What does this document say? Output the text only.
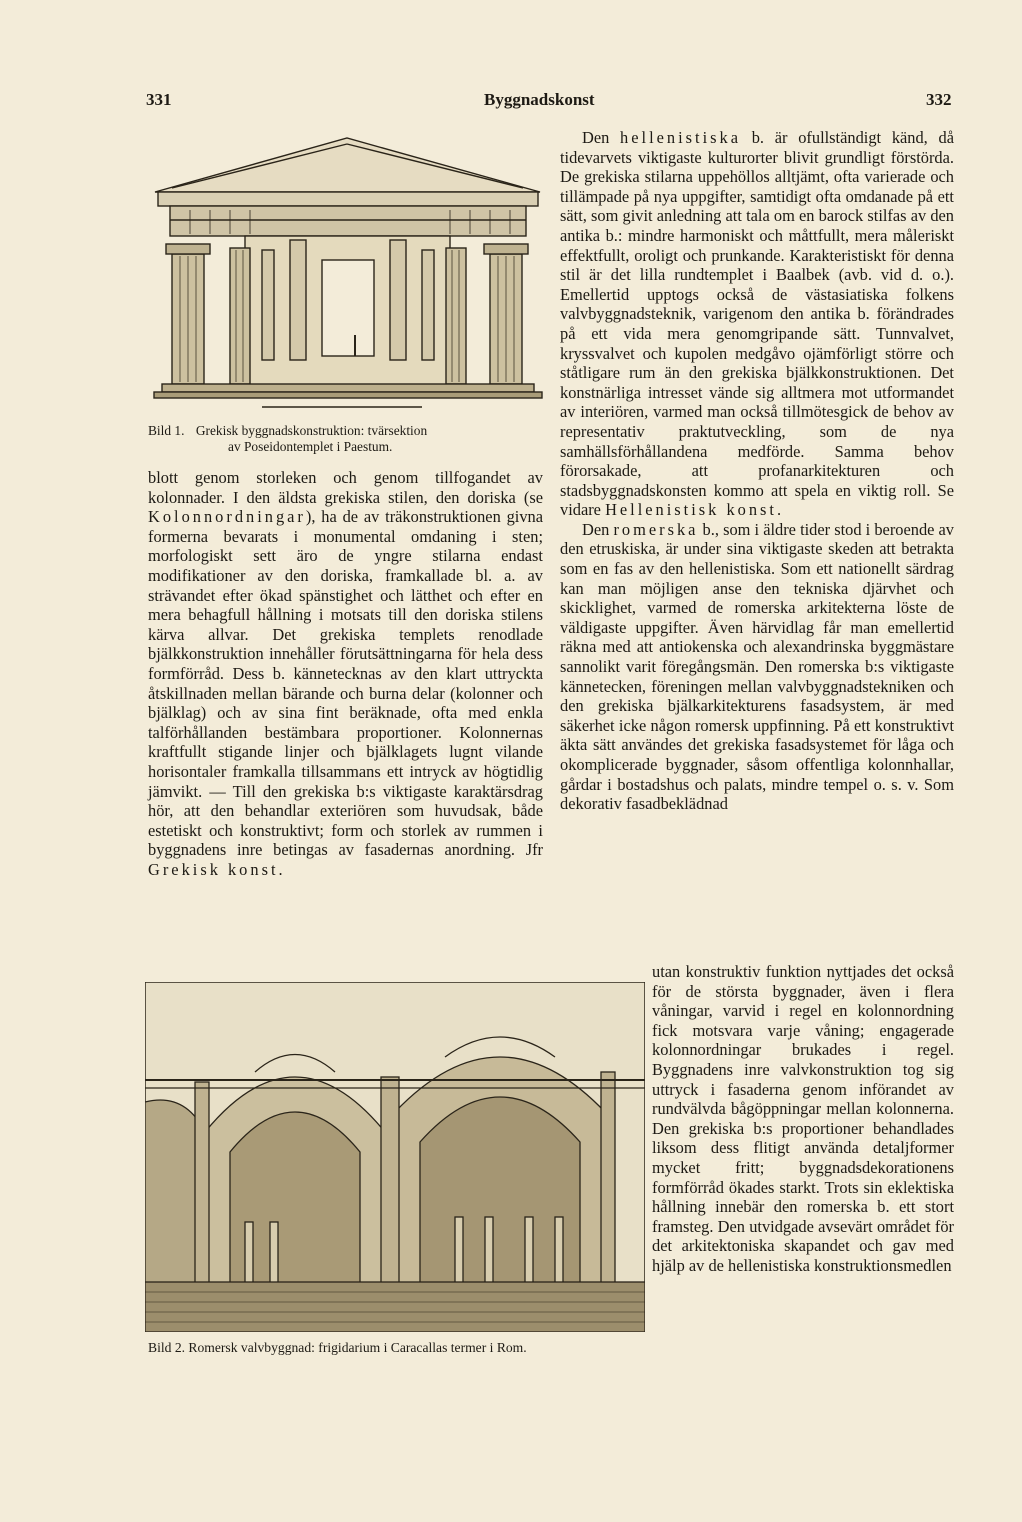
331	Byggnadskonst	332
Bild 1. Grekisk byggnadskonstruktion: tvärsektion
av Poseidontemplet i Paestum.

blott genom storleken och genom tillfogandet av kolonnader. I den äldsta grekiska stilen, den doriska (se Kolonnordningar), ha de av träkonstruktionen givna formerna bevarats i monumental omdaning i sten; morfologiskt sett äro de yngre stilarna endast modifikationer av den doriska, framkallade bl. a. av strävandet efter ökad spänstighet och lätthet och efter en mera behagfull hållning i motsats till den doriska stilens kärva allvar. Det grekiska templets renodlade bjälkkonstruktion innehåller förutsättningarna för hela dess formförråd. Dess b. kännetecknas av den klart uttryckta åtskillnaden mellan bärande och burna delar (kolonner och bjälklag) och av sina fint beräknade, ofta med enkla talförhållanden bestämbara proportioner. Kolonnernas kraftfullt stigande linjer och bjälklagets lugnt vilande horisontaler framkalla tillsammans ett intryck av högtidlig jämvikt. — Till den grekiska b:s viktigaste karaktärsdrag hör, att den behandlar exteriören som huvudsak, både estetiskt och konstruktivt; form och storlek av rummen i byggnadens inre betingas av fasadernas anordning. Jfr Grekisk konst.

Den hellenistiska b. är ofullständigt känd, då tidevarvets viktigaste kulturorter blivit grundligt förstörda. De grekiska stilarna uppehöllos alltjämt, ofta varierade och tillämpade på nya uppgifter, samtidigt ofta omdanade på ett sätt, som givit anledning att tala om en barock stilfas av den antika b.: mindre harmoniskt och måttfullt, mera måleriskt effektfullt, oroligt och prunkande. Karakteristiskt för denna stil är det lilla rundtemplet i Baalbek (avb. vid d. o.). Emellertid upptogs också de västasiatiska folkens valvbyggnadsteknik, varigenom den antika b. förändrades på ett vida mera genomgripande sätt. Tunnvalvet, kryssvalvet och kupolen medgåvo ojämförligt större och ståtligare rum än den grekiska bjälkkonstruktionen. Det konstnärliga intresset vände sig alltmera mot utformandet av interiören, varmed man också tillmötesgick de behov av representativ praktutveckling, som de nya samhällsförhållandena medförde. Samma behov förorsakade, att profanarkitekturen och stadsbyggnadskonsten kommo att spela en viktig roll. Se vidare Hellenistisk konst.

Den romerska b., som i äldre tider stod i beroende av den etruskiska, är under sina viktigaste skeden att betrakta som en fas av den hellenistiska. Som ett nationellt särdrag kan man möjligen anse den tekniska djärvhet och skicklighet, varmed de romerska arkitekterna löste de väldigaste uppgifter. Även härvidlag får man emellertid räkna med att antiokenska och alexandrinska byggmästare sannolikt varit föregångsmän. Den romerska b:s viktigaste kännetecken, föreningen mellan valvbyggnadstekniken och den grekiska bjälkarkitekturens fasadsystem, är med säkerhet icke någon romersk uppfinning. På ett konstruktivt äkta sätt användes det grekiska fasadsystemet för låga och okomplicerade byggnader, såsom offentliga kolonnhallar, gårdar i bostadshus och palats, mindre tempel o. s. v. Som dekorativ fasadbeklädnad

utan konstruktiv funktion nyttjades det också för de största byggnader, även i flera våningar, varvid i regel en kolonnordning fick motsvara varje våning; engagerade kolonnordningar brukades i regel. Byggnadens inre valvkonstruktion tog sig uttryck i fasaderna genom införandet av rundvälvda bågöppningar mellan kolonnerna. Den grekiska b:s proportioner behandlades liksom dess flitigt använda detaljformer mycket fritt; byggnadsdekorationens formförråd ökades starkt. Trots sin eklektiska hållning innebär den romerska b. ett stort framsteg. Den utvidgade avsevärt området för det arkitektoniska skapandet och gav med hjälp av de hellenistiska konstruktionsmedlen

Bild 2. Romersk valvbyggnad: frigidarium i Caracallas termer i Rom.
